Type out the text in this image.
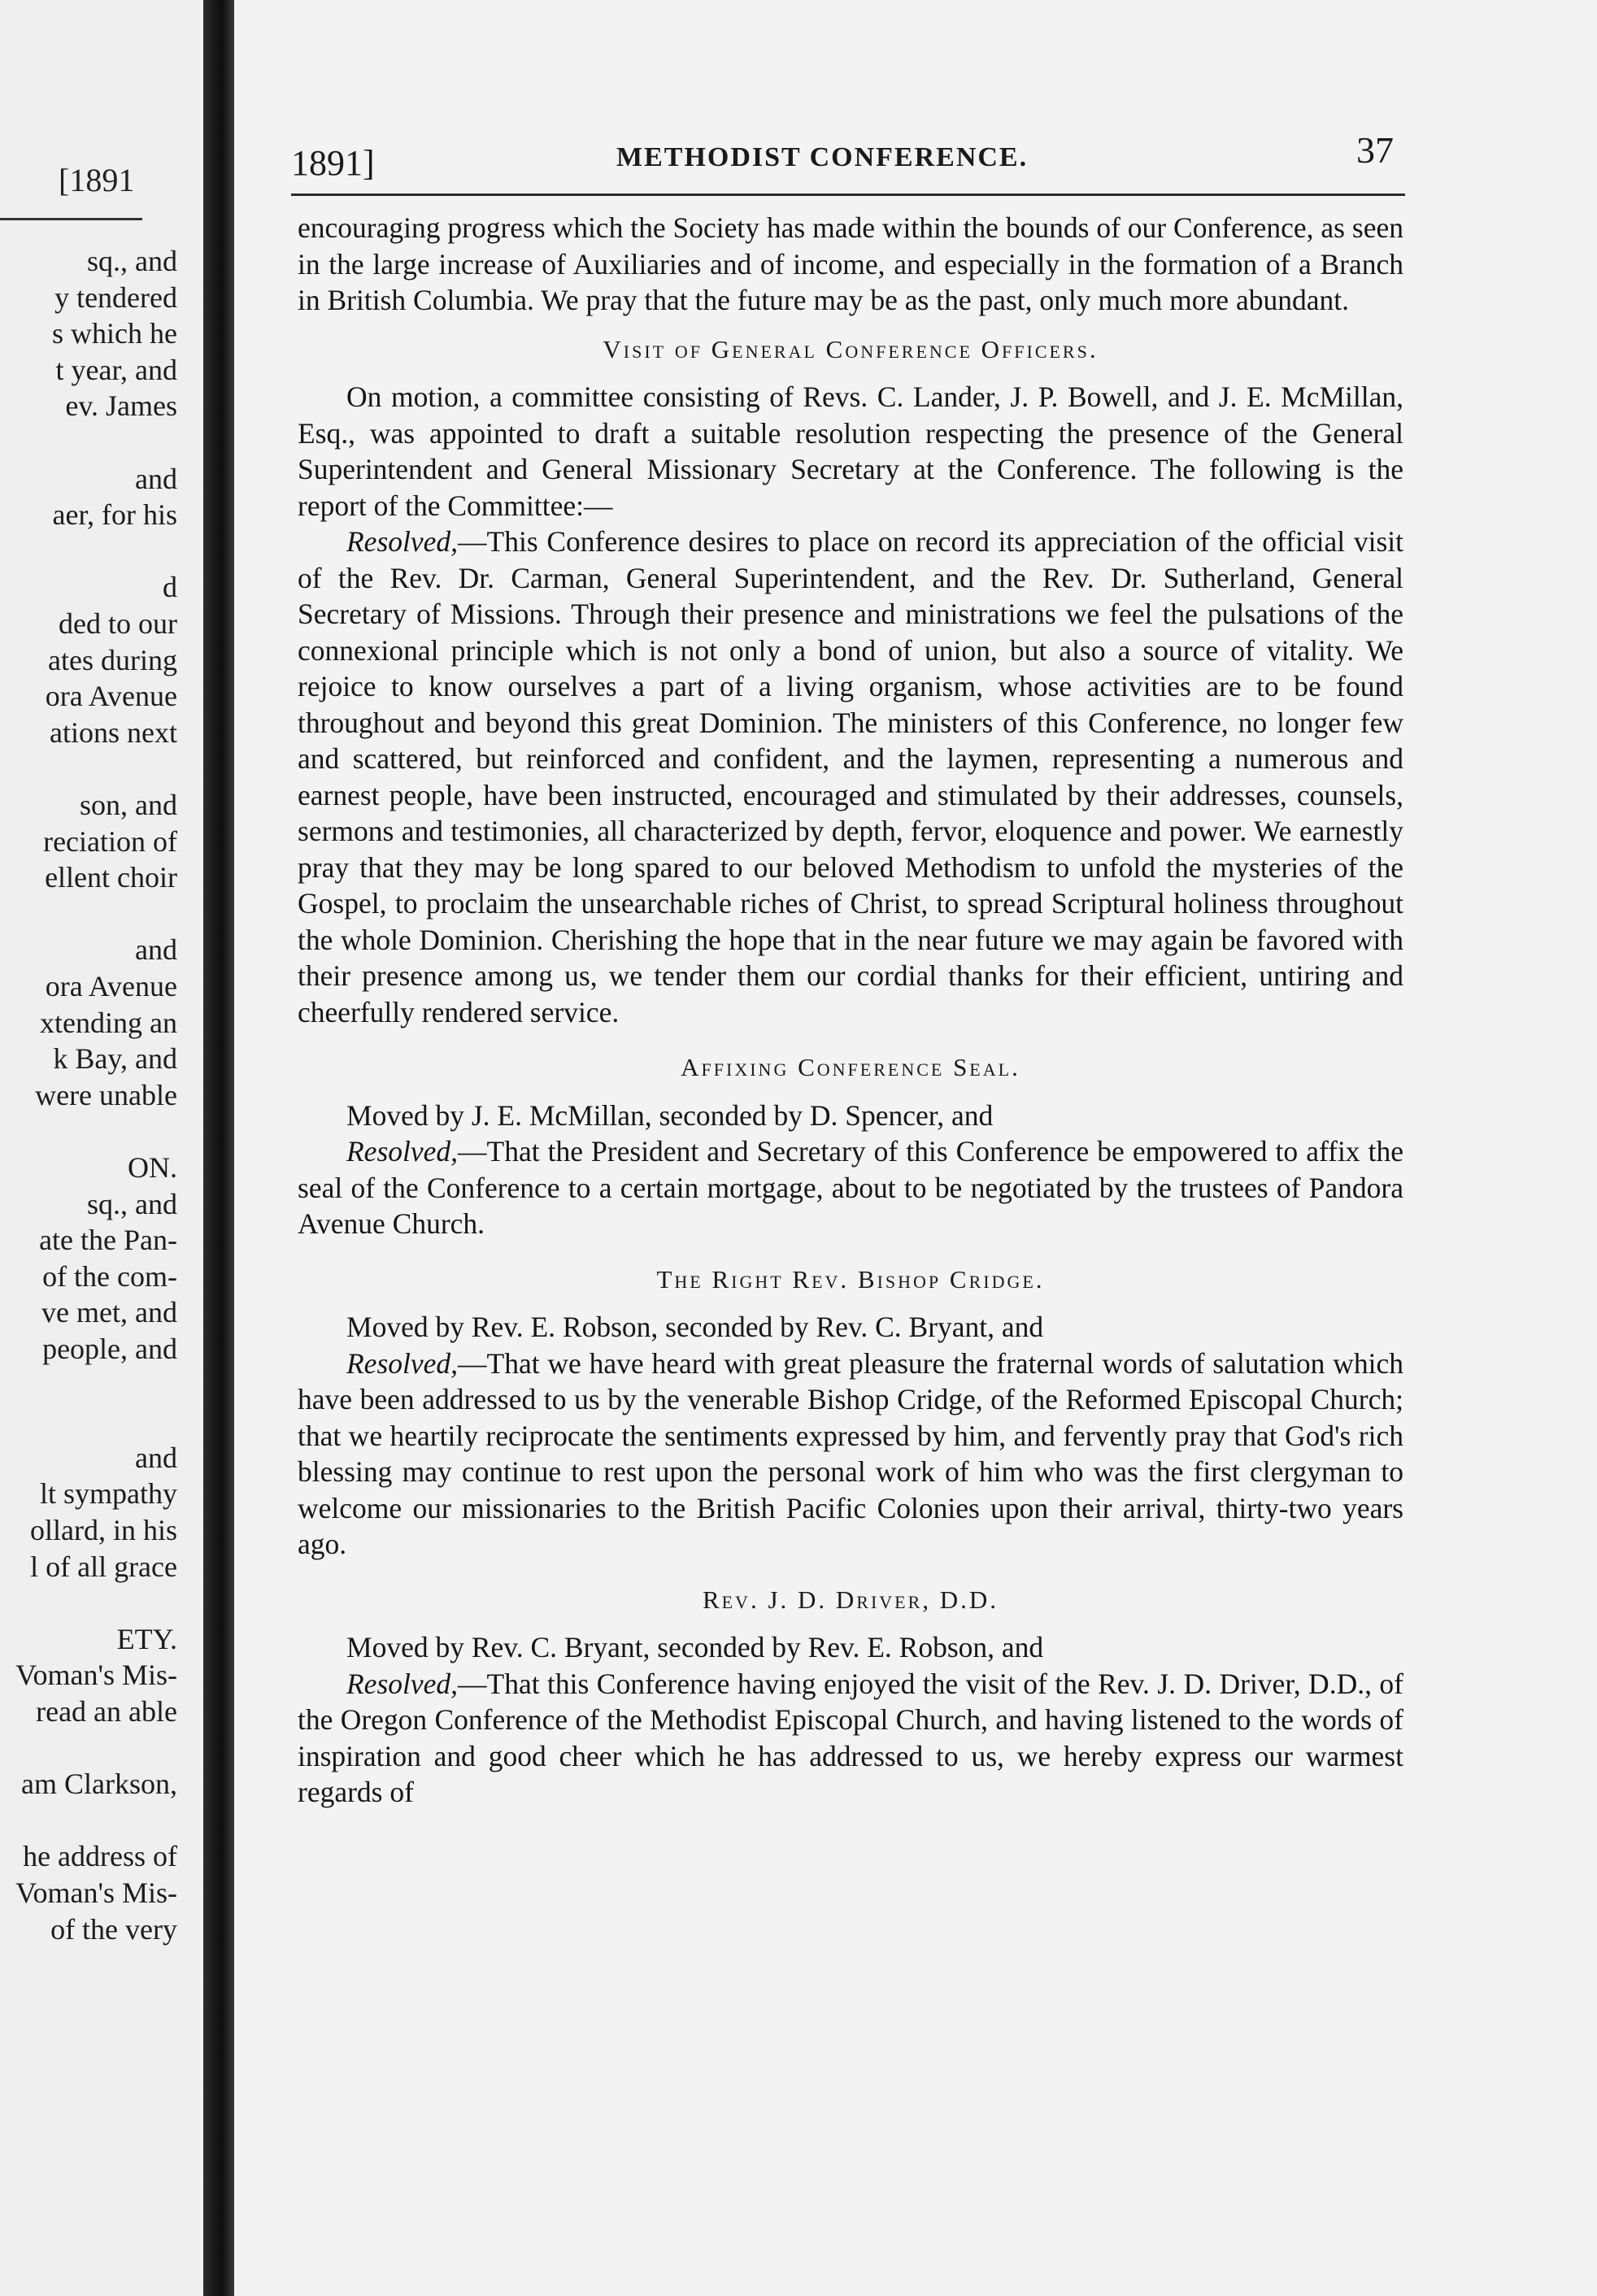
[1891
sq., and
y tendered
s which he
t year, and
ev. James
and
aer, for his
d
ded to our
ates during
ora Avenue
ations next
son, and
reciation of
ellent choir
and
ora Avenue
xtending an
k Bay, and
were unable
ON.
sq., and
ate the Pan-
of the com-
ve met, and
people, and
and
lt sympathy
ollard, in his
l of all grace
ETY.
Voman's Mis-
read an able
am Clarkson,
he address of
Voman's Mis-
of the very
1891]	METHODIST CONFERENCE.	37

encouraging progress which the Society has made within the bounds of our Conference, as seen in the large increase of Auxiliaries and of income, and especially in the formation of a Branch in British Columbia. We pray that the future may be as the past, only much more abundant.

Visit of General Conference Officers.

On motion, a committee consisting of Revs. C. Lander, J. P. Bowell, and J. E. McMillan, Esq., was appointed to draft a suitable resolution respecting the presence of the General Superintendent and General Missionary Secretary at the Conference. The following is the report of the Committee:—

Resolved,—This Conference desires to place on record its appreciation of the official visit of the Rev. Dr. Carman, General Superintendent, and the Rev. Dr. Sutherland, General Secretary of Missions. Through their presence and ministrations we feel the pulsations of the connexional principle which is not only a bond of union, but also a source of vitality. We rejoice to know ourselves a part of a living organism, whose activities are to be found throughout and beyond this great Dominion. The ministers of this Conference, no longer few and scattered, but reinforced and confident, and the laymen, representing a numerous and earnest people, have been instructed, encouraged and stimulated by their addresses, counsels, sermons and testimonies, all characterized by depth, fervor, eloquence and power. We earnestly pray that they may be long spared to our beloved Methodism to unfold the mysteries of the Gospel, to proclaim the unsearchable riches of Christ, to spread Scriptural holiness throughout the whole Dominion. Cherishing the hope that in the near future we may again be favored with their presence among us, we tender them our cordial thanks for their efficient, untiring and cheerfully rendered service.

Affixing Conference Seal.

Moved by J. E. McMillan, seconded by D. Spencer, and

Resolved,—That the President and Secretary of this Conference be empowered to affix the seal of the Conference to a certain mortgage, about to be negotiated by the trustees of Pandora Avenue Church.

The Right Rev. Bishop Cridge.

Moved by Rev. E. Robson, seconded by Rev. C. Bryant, and

Resolved,—That we have heard with great pleasure the fraternal words of salutation which have been addressed to us by the venerable Bishop Cridge, of the Reformed Episcopal Church; that we heartily reciprocate the sentiments expressed by him, and fervently pray that God's rich blessing may continue to rest upon the personal work of him who was the first clergyman to welcome our missionaries to the British Pacific Colonies upon their arrival, thirty-two years ago.

Rev. J. D. Driver, D.D.

Moved by Rev. C. Bryant, seconded by Rev. E. Robson, and

Resolved,—That this Conference having enjoyed the visit of the Rev. J. D. Driver, D.D., of the Oregon Conference of the Methodist Episcopal Church, and having listened to the words of inspiration and good cheer which he has addressed to us, we hereby express our warmest regards of
